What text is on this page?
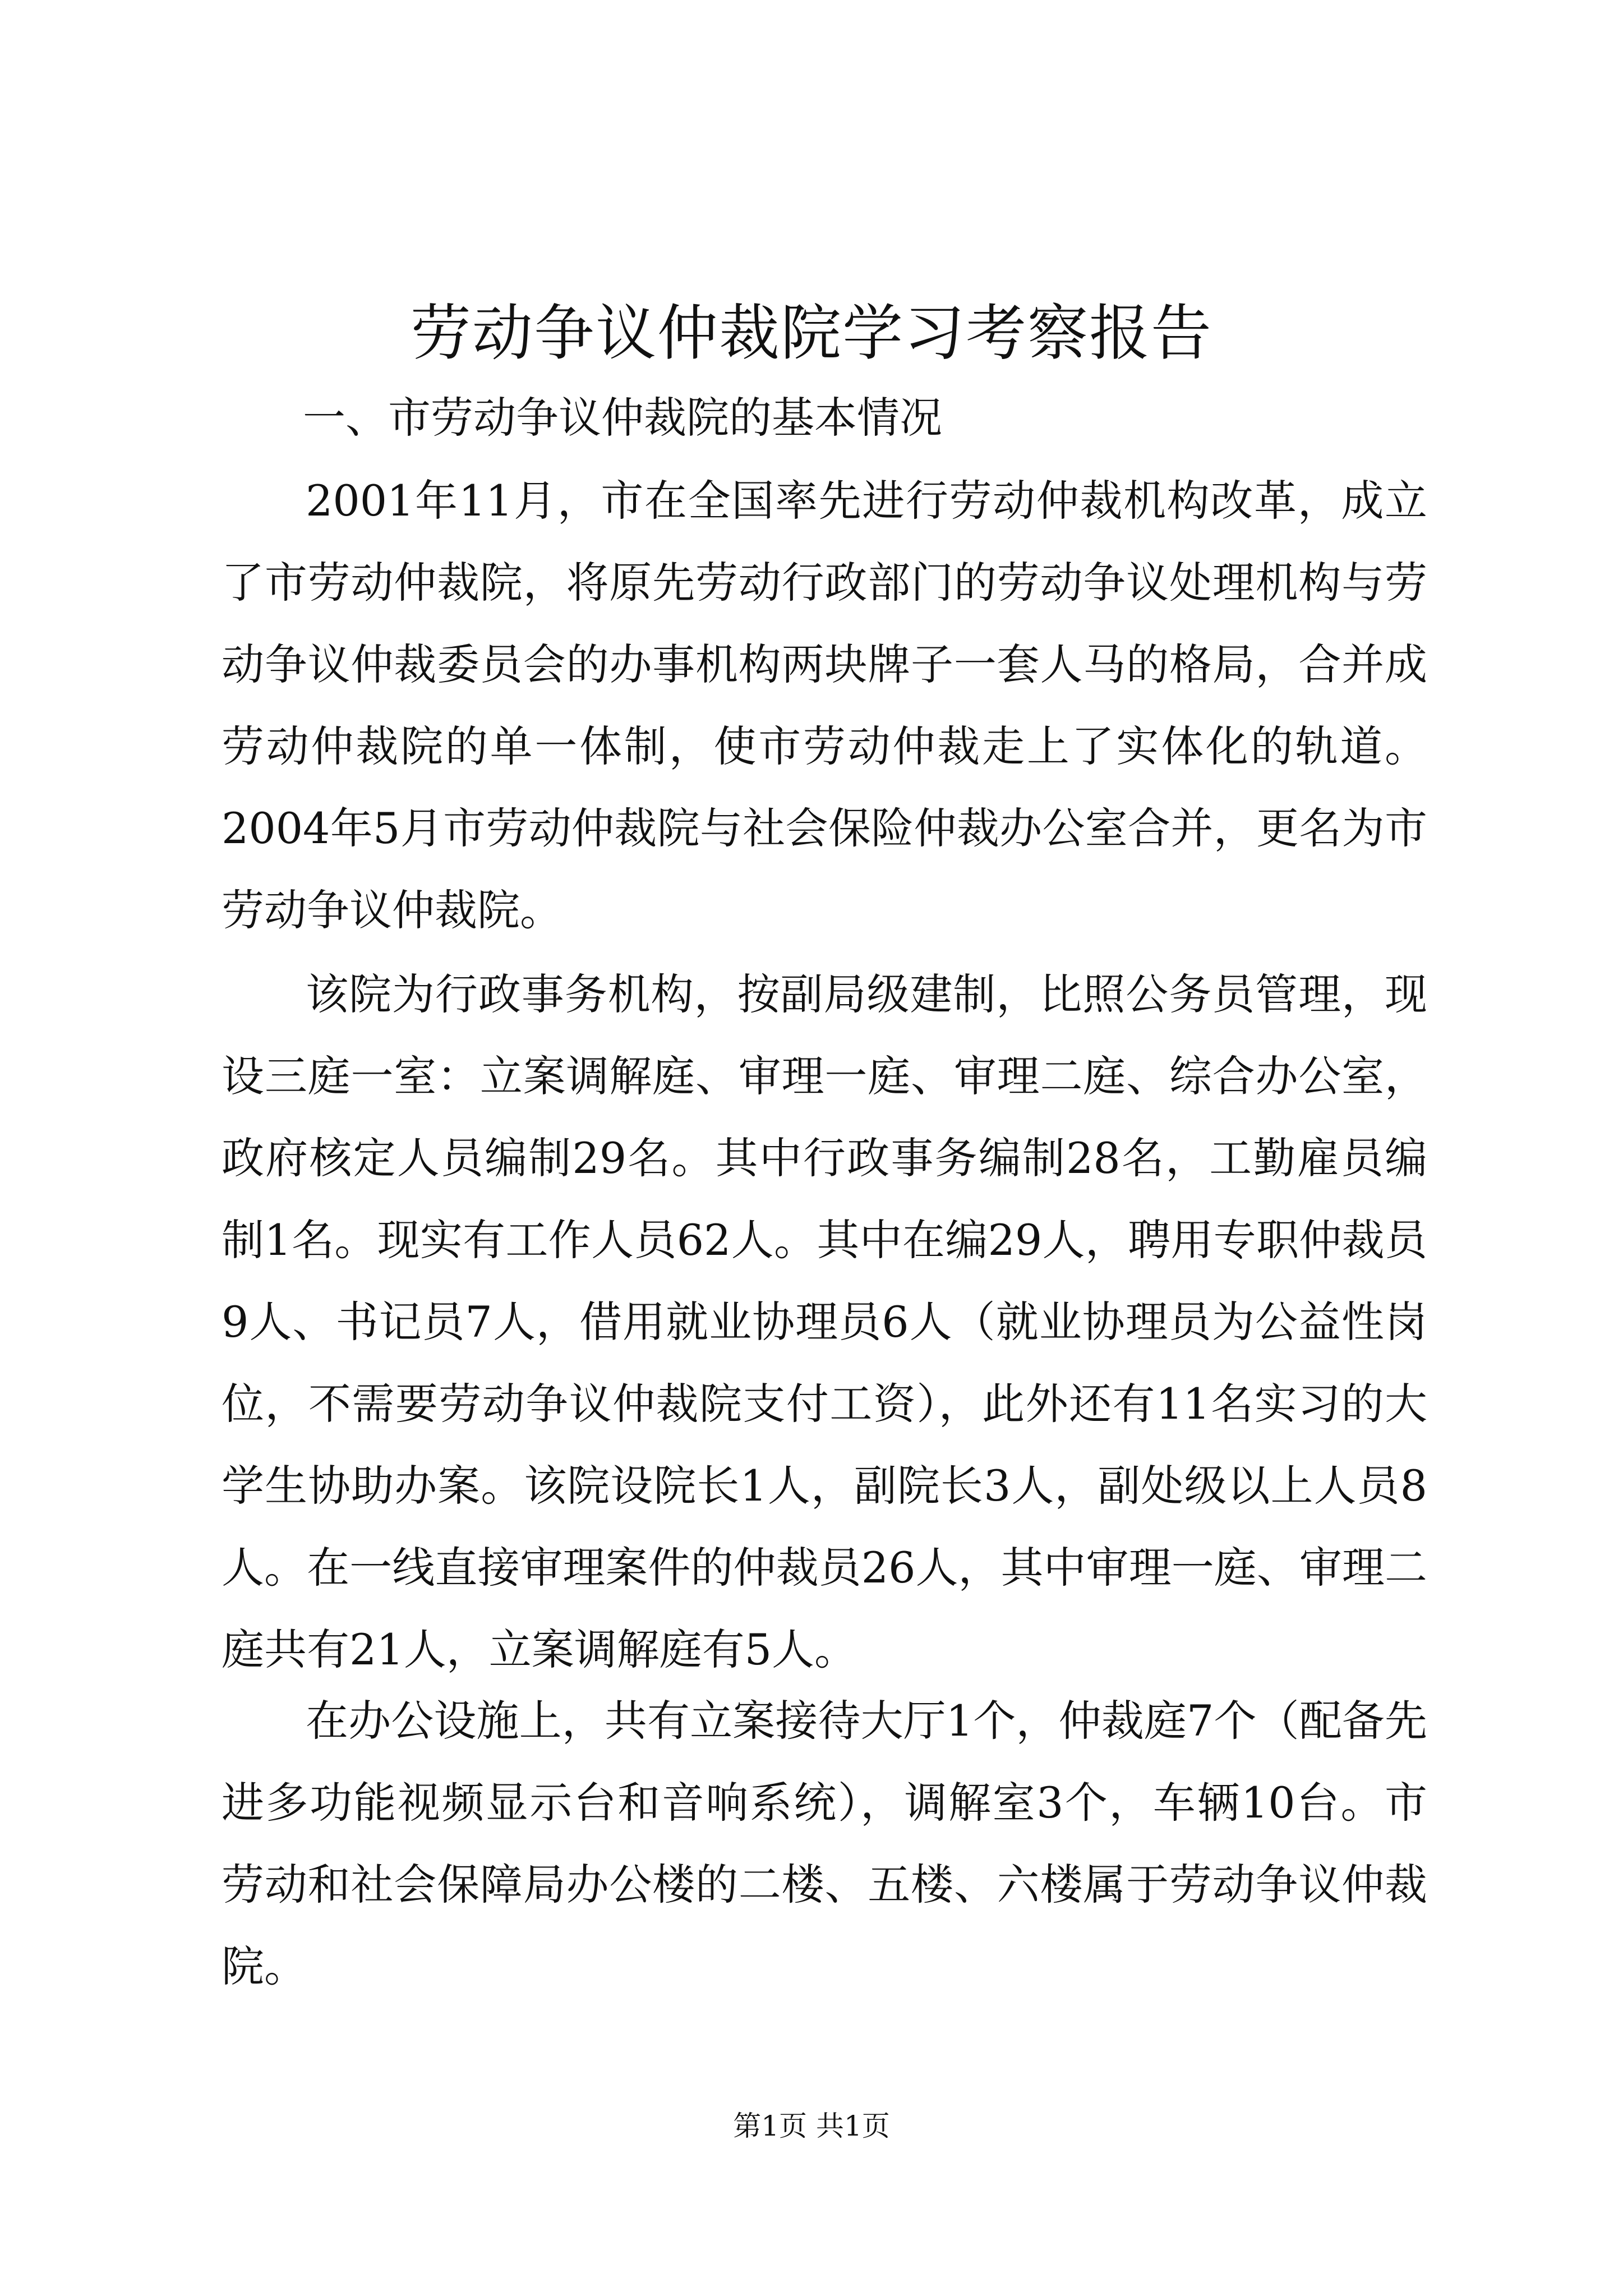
劳动争议仲裁院学习考察报告

一、市劳动争议仲裁院的基本情况

2001年11月，市在全国率先进行劳动仲裁机构改革，成立了市劳动仲裁院，将原先劳动行政部门的劳动争议处理机构与劳动争议仲裁委员会的办事机构两块牌子一套人马的格局，合并成劳动仲裁院的单一体制，使市劳动仲裁走上了实体化的轨道。2004年5月市劳动仲裁院与社会保险仲裁办公室合并，更名为市劳动争议仲裁院。

该院为行政事务机构，按副局级建制，比照公务员管理，现设三庭一室：立案调解庭、审理一庭、审理二庭、综合办公室，政府核定人员编制29名。其中行政事务编制28名，工勤雇员编制1名。现实有工作人员62人。其中在编29人，聘用专职仲裁员9人、书记员7人，借用就业协理员6人（就业协理员为公益性岗位，不需要劳动争议仲裁院支付工资），此外还有11名实习的大学生协助办案。该院设院长1人，副院长3人，副处级以上人员8人。在一线直接审理案件的仲裁员26人，其中审理一庭、审理二庭共有21人，立案调解庭有5人。

在办公设施上，共有立案接待大厅1个，仲裁庭7个（配备先进多功能视频显示台和音响系统），调解室3个，车辆10台。市劳动和社会保障局办公楼的二楼、五楼、六楼属于劳动争议仲裁院。

第1页 共1页
